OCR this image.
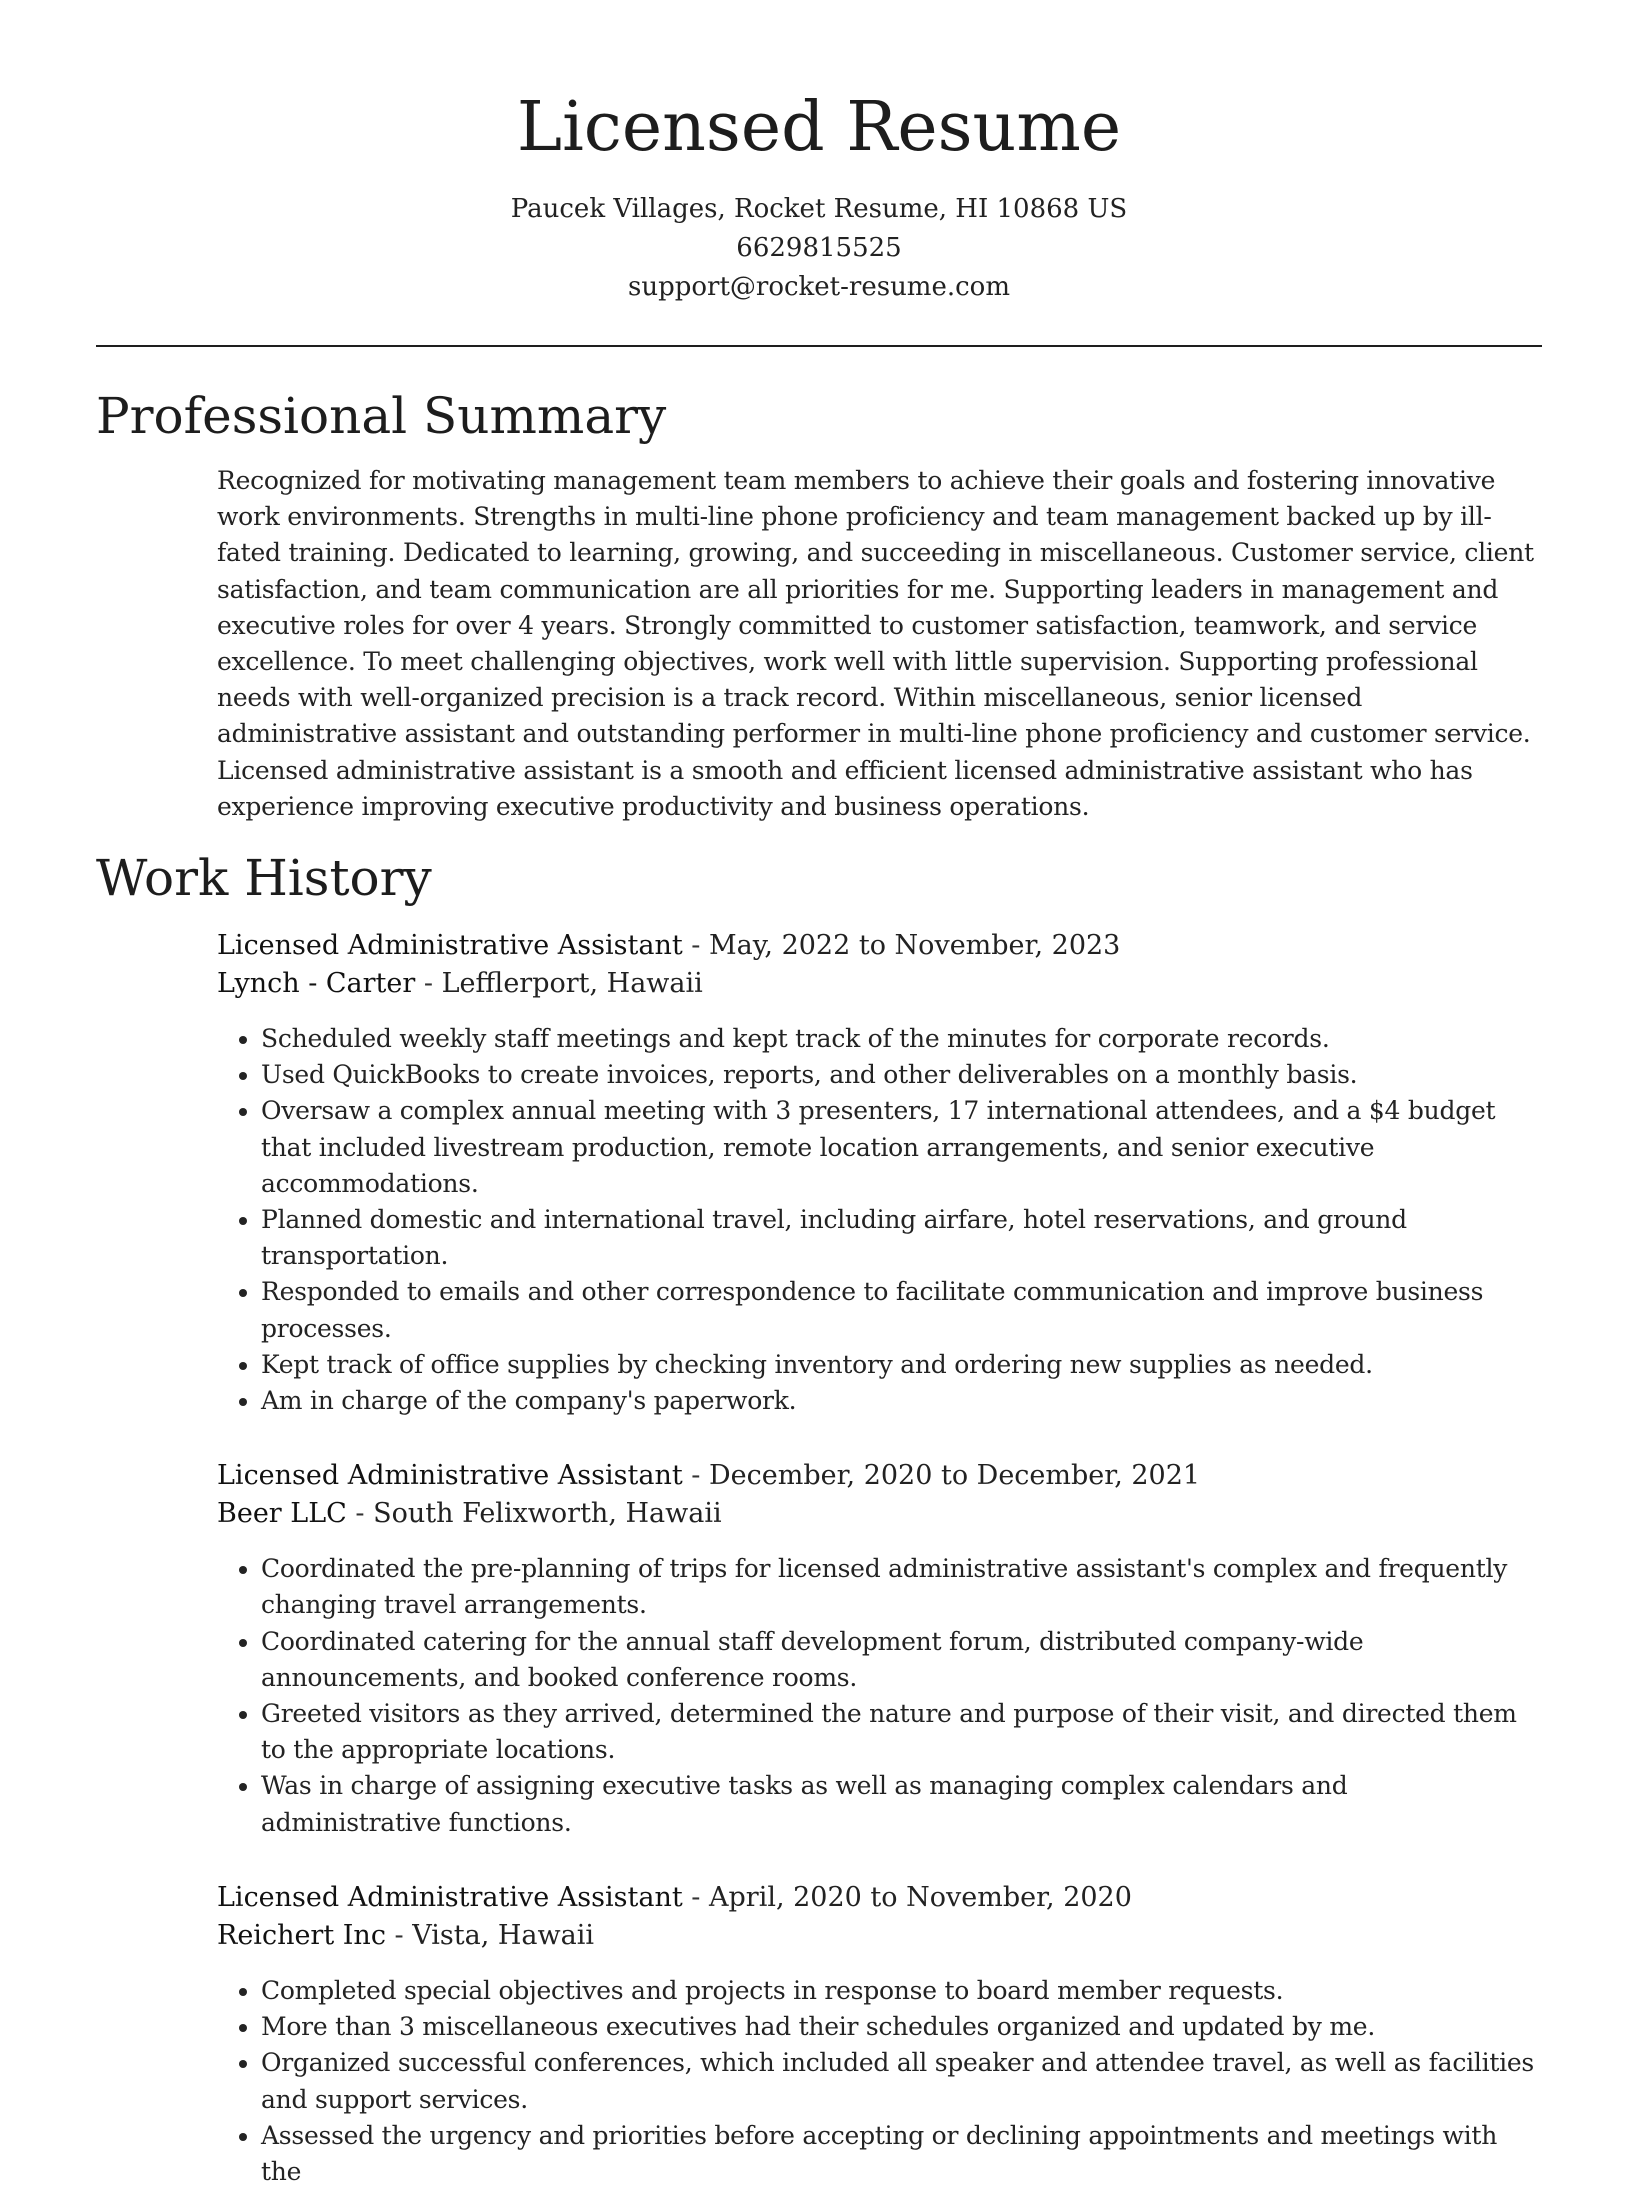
Licensed Resume
Paucek Villages, Rocket Resume, HI 10868 US
6629815525
support@rocket-resume.com
Professional Summary
Recognized for motivating management team members to achieve their goals and fostering innovative work environments. Strengths in multi-line phone proficiency and team management backed up by ill-fated training. Dedicated to learning, growing, and succeeding in miscellaneous. Customer service, client satisfaction, and team communication are all priorities for me. Supporting leaders in management and executive roles for over 4 years. Strongly committed to customer satisfaction, teamwork, and service excellence. To meet challenging objectives, work well with little supervision. Supporting professional needs with well-organized precision is a track record. Within miscellaneous, senior licensed administrative assistant and outstanding performer in multi-line phone proficiency and customer service. Licensed administrative assistant is a smooth and efficient licensed administrative assistant who has experience improving executive productivity and business operations.
Work History
Licensed Administrative Assistant - May, 2022 to November, 2023
Lynch - Carter - Lefflerport, Hawaii
• Scheduled weekly staff meetings and kept track of the minutes for corporate records.
• Used QuickBooks to create invoices, reports, and other deliverables on a monthly basis.
• Oversaw a complex annual meeting with 3 presenters, 17 international attendees, and a $4 budget that included livestream production, remote location arrangements, and senior executive accommodations.
• Planned domestic and international travel, including airfare, hotel reservations, and ground transportation.
• Responded to emails and other correspondence to facilitate communication and improve business processes.
• Kept track of office supplies by checking inventory and ordering new supplies as needed.
• Am in charge of the company's paperwork.
Licensed Administrative Assistant - December, 2020 to December, 2021
Beer LLC - South Felixworth, Hawaii
• Coordinated the pre-planning of trips for licensed administrative assistant's complex and frequently changing travel arrangements.
• Coordinated catering for the annual staff development forum, distributed company-wide announcements, and booked conference rooms.
• Greeted visitors as they arrived, determined the nature and purpose of their visit, and directed them to the appropriate locations.
• Was in charge of assigning executive tasks as well as managing complex calendars and administrative functions.
Licensed Administrative Assistant - April, 2020 to November, 2020
Reichert Inc - Vista, Hawaii
• Completed special objectives and projects in response to board member requests.
• More than 3 miscellaneous executives had their schedules organized and updated by me.
• Organized successful conferences, which included all speaker and attendee travel, as well as facilities and support services.
• Assessed the urgency and priorities before accepting or declining appointments and meetings with the
